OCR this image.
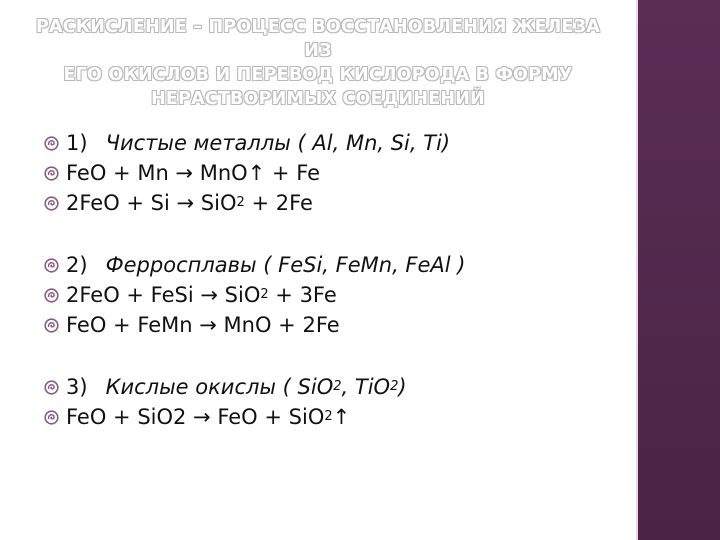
РАСКИСЛЕНИЕ – ПРОЦЕСС ВОССТАНОВЛЕНИЯ ЖЕЛЕЗА ИЗ
ЕГО ОКИСЛОВ И ПЕРЕВОД КИСЛОРОДА В ФОРМУ
НЕРАСТВОРИМЫХ СОЕДИНЕНИЙ
1) Чистые металлы ( Al, Mn, Si, Ti)
FeO + Mn → MnO↑ + Fe
2FeO + Si → SiO 2 + 2Fe
2) Ферросплавы ( FeSi, FeMn, FeAl )
2FeO + FeSi → SiO 2 + 3Fe
FeO + FeMn → MnO + 2Fe
3) Кислые окислы ( SiO 2 , TiO 2 )
FeO + SiO2 → FeO + SiO 2 ↑
